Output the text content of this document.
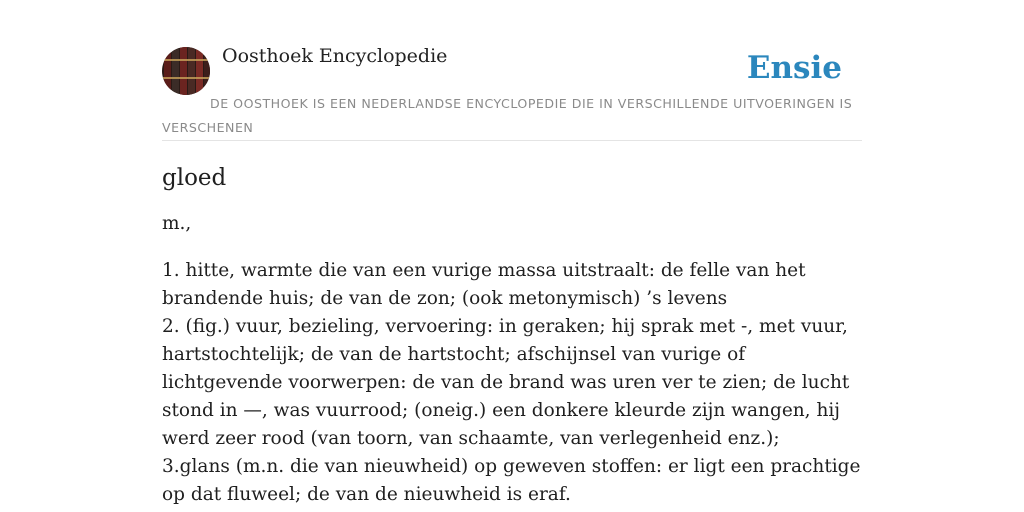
Oosthoek Encyclopedie	Ensie
DE OOSTHOEK IS EEN NEDERLANDSE ENCYCLOPEDIE DIE IN VERSCHILLENDE UITVOERINGEN IS VERSCHENEN
gloed

m.,

1. hitte, warmte die van een vurige massa uitstraalt: de felle van het brandende huis; de van de zon; (ook metonymisch) ’s levens
2. (fig.) vuur, bezieling, vervoering: in geraken; hij sprak met -, met vuur, hartstochtelijk; de van de hartstocht; afschijnsel van vurige of lichtgevende voorwerpen: de van de brand was uren ver te zien; de lucht stond in —, was vuurrood; (oneig.) een donkere kleurde zijn wangen, hij werd zeer rood (van toorn, van schaamte, van verlegenheid enz.);
3.glans (m.n. die van nieuwheid) op geweven stoffen: er ligt een prachtige op dat fluweel; de van de nieuwheid is eraf.
